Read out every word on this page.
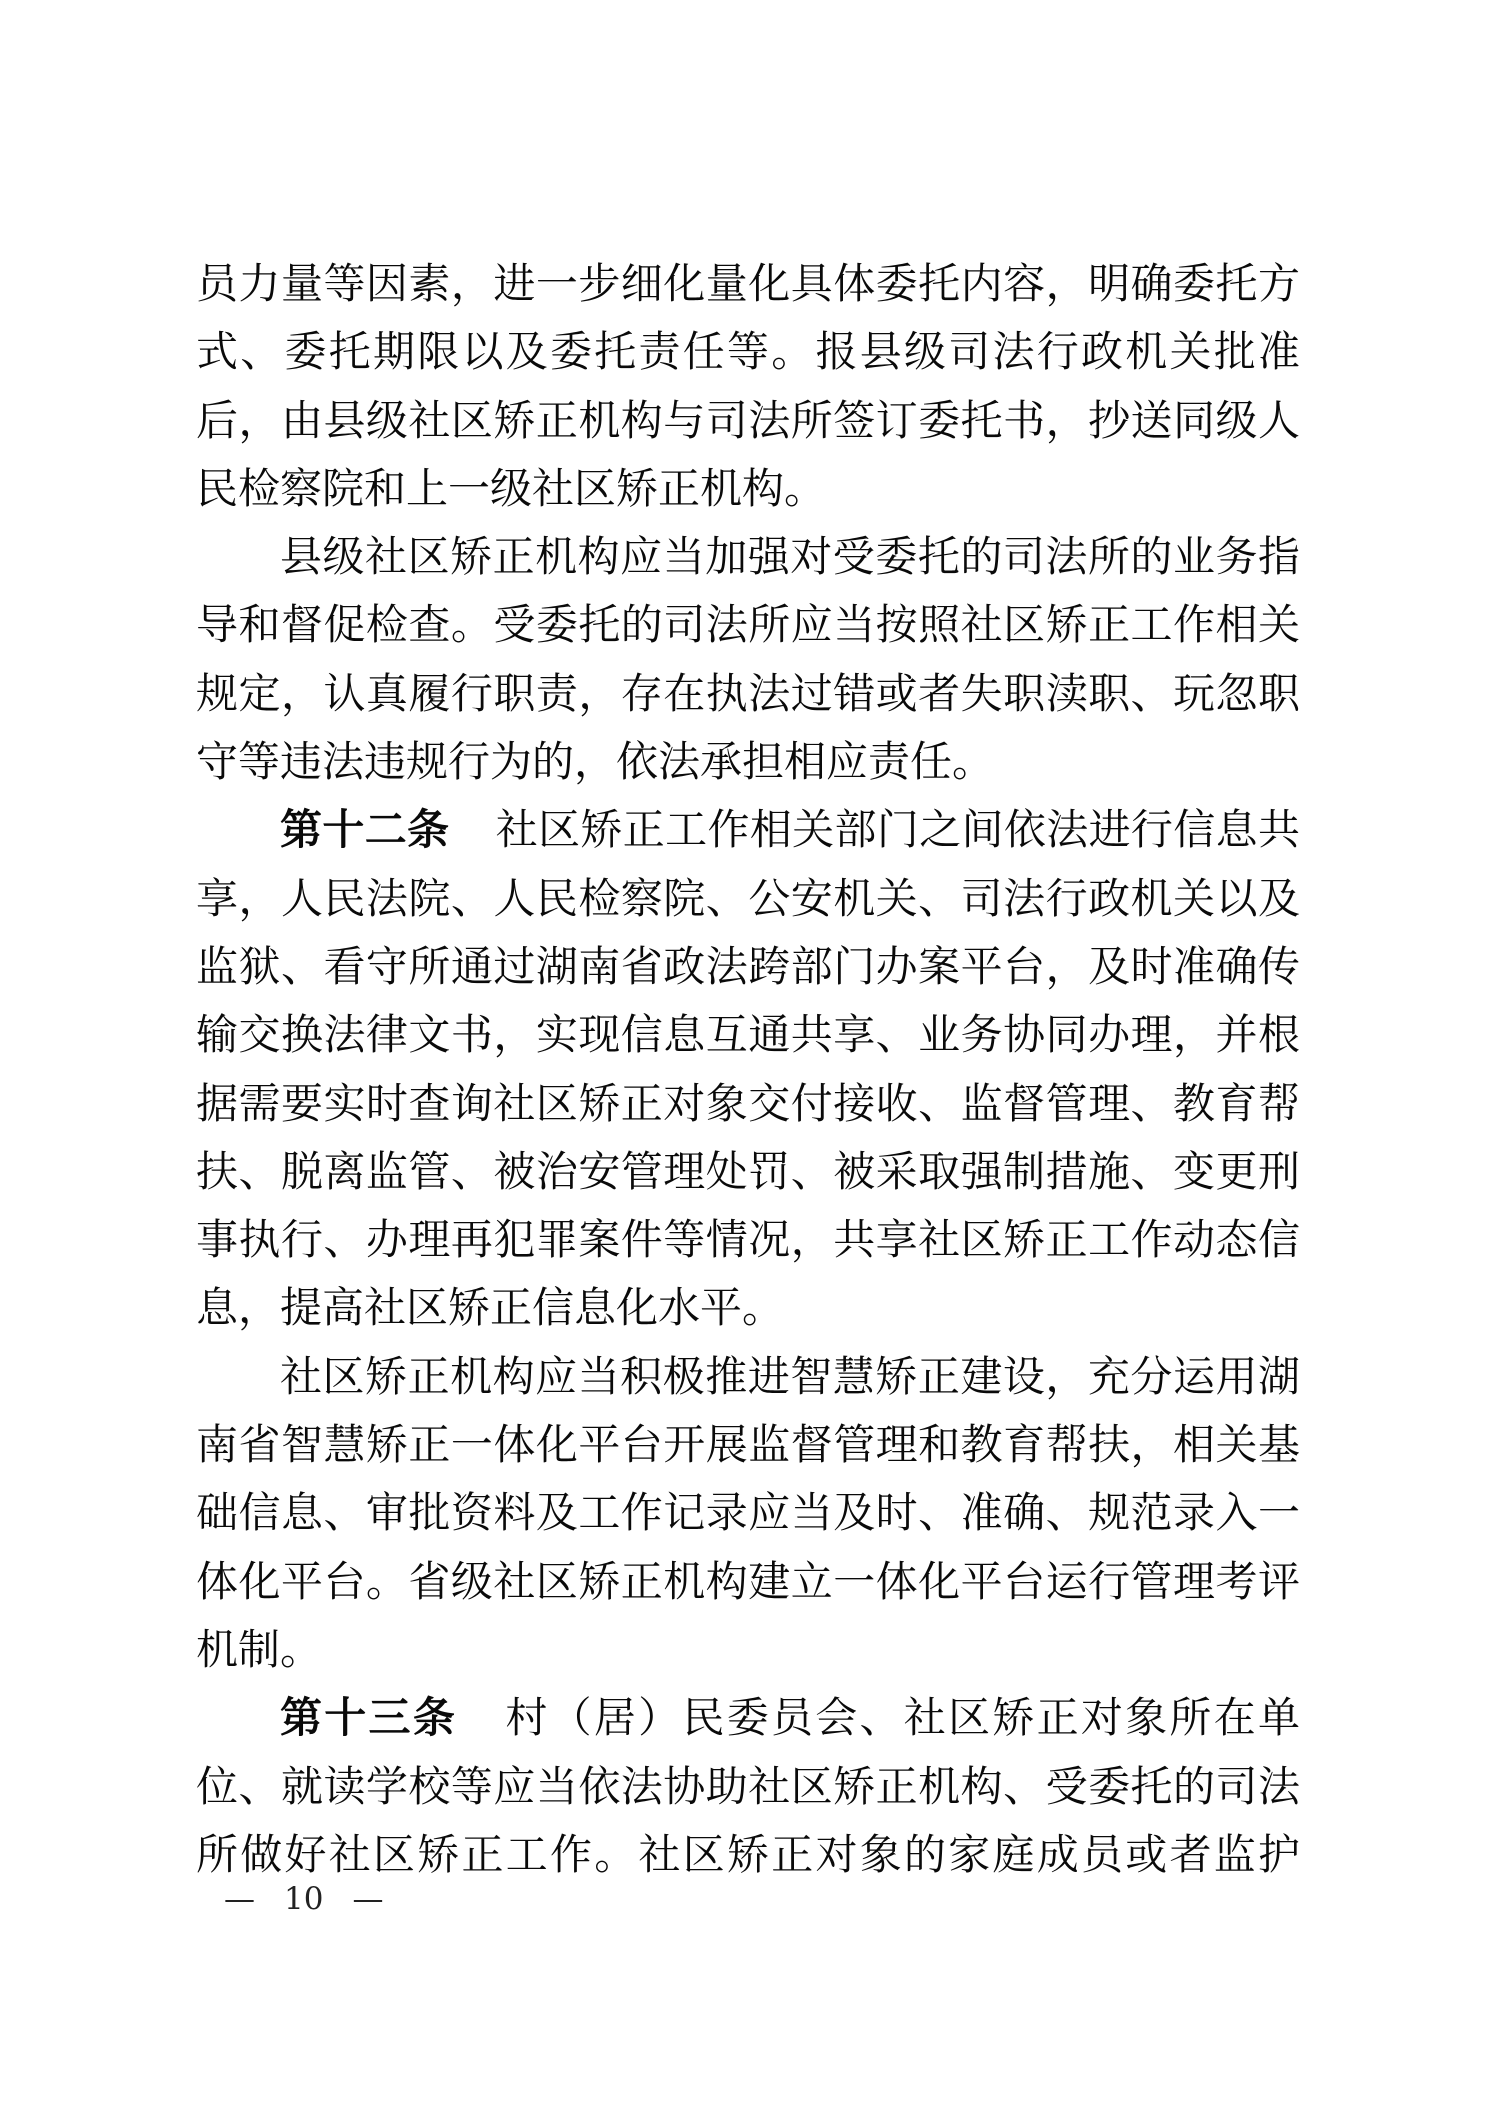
员力量等因素，进一步细化量化具体委托内容，明确委托方
式、委托期限以及委托责任等。报县级司法行政机关批准
后，由县级社区矫正机构与司法所签订委托书，抄送同级人
民检察院和上一级社区矫正机构。
县级社区矫正机构应当加强对受委托的司法所的业务指
导和督促检查。受委托的司法所应当按照社区矫正工作相关
规定，认真履行职责，存在执法过错或者失职渎职、玩忽职
守等违法违规行为的，依法承担相应责任。
第十二条 社区矫正工作相关部门之间依法进行信息共
享，人民法院、人民检察院、公安机关、司法行政机关以及
监狱、看守所通过湖南省政法跨部门办案平台，及时准确传
输交换法律文书，实现信息互通共享、业务协同办理，并根
据需要实时查询社区矫正对象交付接收、监督管理、教育帮
扶、脱离监管、被治安管理处罚、被采取强制措施、变更刑
事执行、办理再犯罪案件等情况，共享社区矫正工作动态信
息，提高社区矫正信息化水平。
社区矫正机构应当积极推进智慧矫正建设，充分运用湖
南省智慧矫正一体化平台开展监督管理和教育帮扶，相关基
础信息、审批资料及工作记录应当及时、准确、规范录入一
体化平台。省级社区矫正机构建立一体化平台运行管理考评
机制。
第十三条 村（居）民委员会、社区矫正对象所在单
位、就读学校等应当依法协助社区矫正机构、受委托的司法
所做好社区矫正工作。社区矫正对象的家庭成员或者监护
— 10 —
